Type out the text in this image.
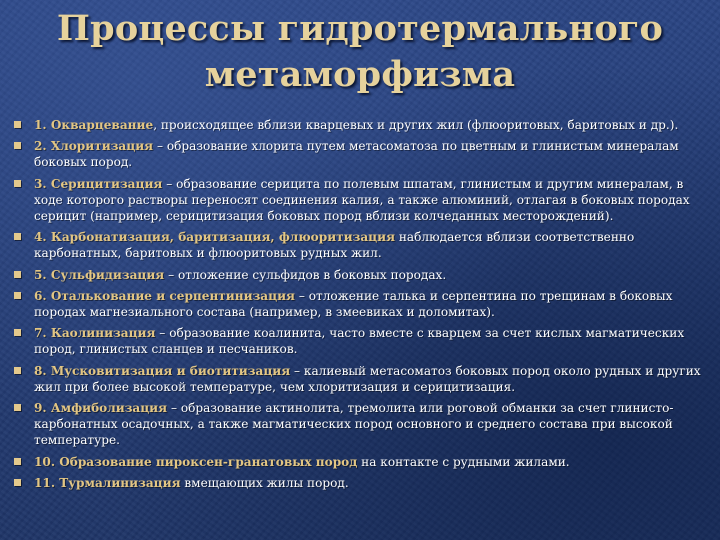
Процессы гидротермального
метаморфизма
1. Окварцевание, происходящее вблизи кварцевых и других жил (флюоритовых, баритовых и др.).
2. Хлоритизация – образование хлорита путем метасоматоза по цветным и глинистым минералам боковых пород.
3. Серицитизация – образование серицита по полевым шпатам, глинистым и другим минералам, в ходе которого растворы переносят соединения калия, а также алюминий, отлагая в боковых породах серицит (например, серицитизация боковых пород вблизи колчеданных месторождений).
4. Карбонатизация, баритизация, флюоритизация наблюдается вблизи соответственно карбонатных, баритовых и флюоритовых рудных жил.
5. Сульфидизация – отложение сульфидов в боковых породах.
6. Оталькование и серпентинизация – отложение талька и серпентина по трещинам в боковых породах магнезиального состава (например, в змеевиках и доломитах).
7. Каолинизация – образование коалинита, часто вместе с кварцем за счет кислых магматических пород, глинистых сланцев и песчаников.
8. Мусковитизация и биотитизация – калиевый метасоматоз боковых пород около рудных и других жил при более высокой температуре, чем хлоритизация и серицитизация.
9. Амфиболизация – образование актинолита, тремолита или роговой обманки за счет глинисто-карбонатных осадочных, а также магматических пород основного и среднего состава при высокой температуре.
10. Образование пироксен-гранатовых пород на контакте с рудными жилами.
11. Турмалинизация вмещающих жилы пород.
